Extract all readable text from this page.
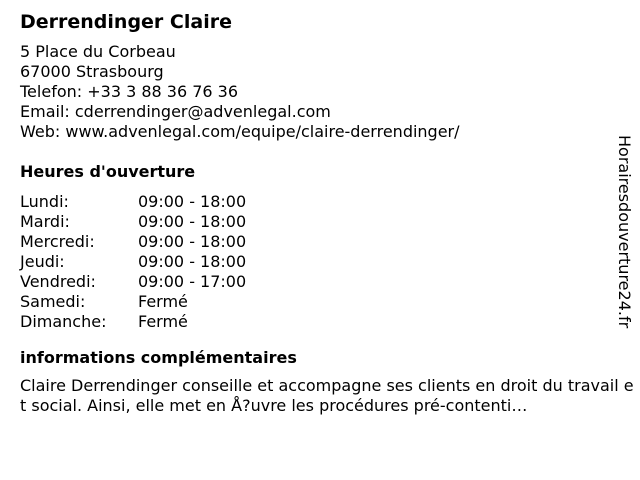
Derrendinger Claire
5 Place du Corbeau
67000 Strasbourg
Telefon: +33 3 88 36 76 36
Email: cderrendinger@advenlegal.com
Web: www.advenlegal.com/equipe/claire-derrendinger/
Heures d'ouverture
Lundi:	09:00 - 18:00
Mardi:	09:00 - 18:00
Mercredi:	09:00 - 18:00
Jeudi:	09:00 - 18:00
Vendredi:	09:00 - 17:00
Samedi:	Fermé
Dimanche:	Fermé
informations complémentaires
Claire Derrendinger conseille et accompagne ses clients en droit du travail et social. Ainsi, elle met en Å?uvre les procédures pré-contenti…
Horairesdouverture24.fr
